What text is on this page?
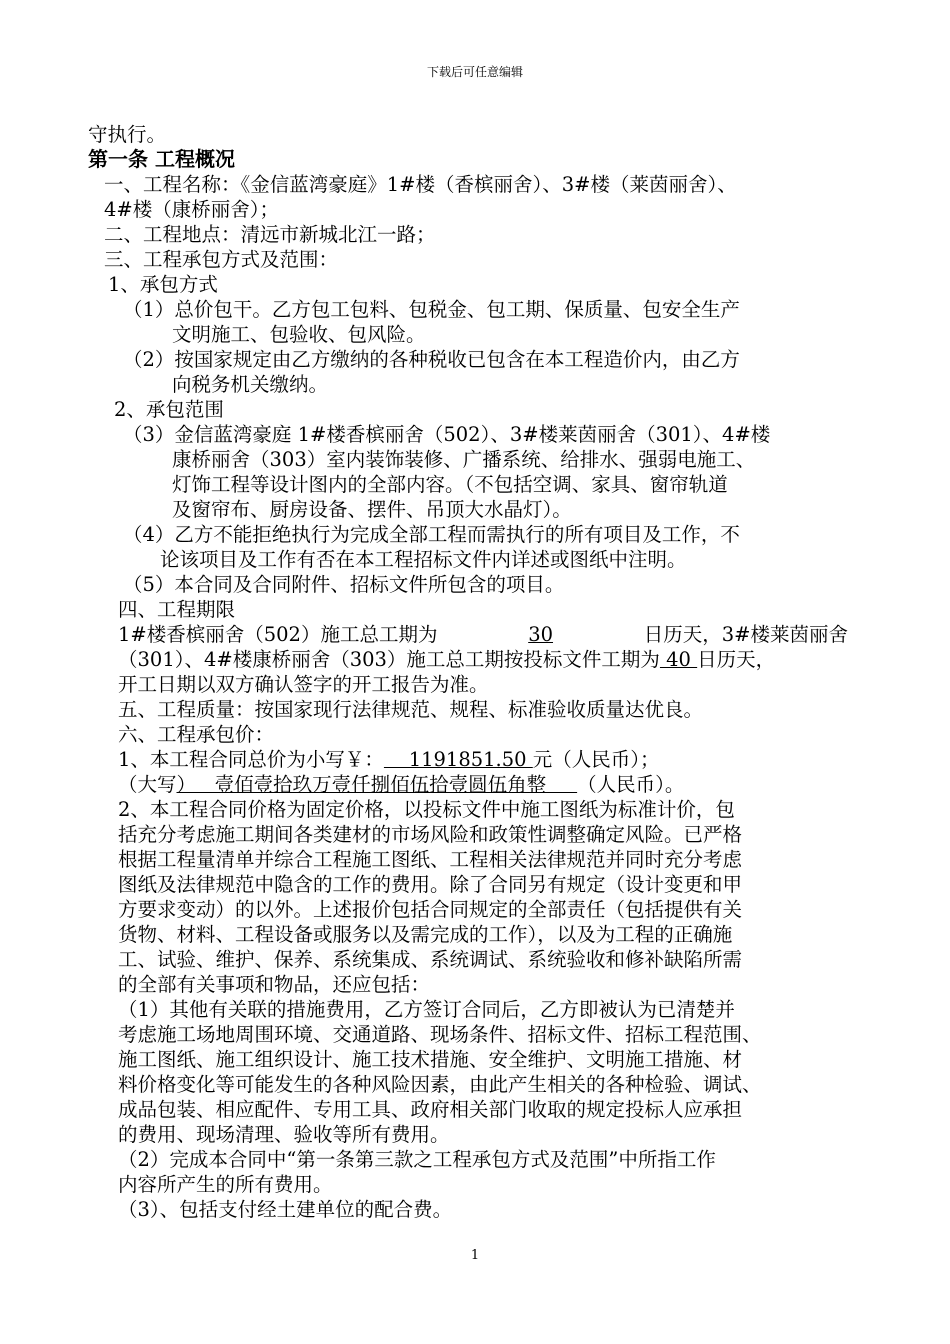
下载后可任意编辑
守执行。
第一条 工程概况
一、工程名称：《金信蓝湾豪庭》1#楼（香槟丽舍）、3#楼（莱茵丽舍）、
4#楼（康桥丽舍）；
二、工程地点：清远市新城北江一路；
三、工程承包方式及范围：
1、承包方式
（1）总价包干。乙方包工包料、包税金、包工期、保质量、包安全生产
文明施工、包验收、包风险。
（2）按国家规定由乙方缴纳的各种税收已包含在本工程造价内，由乙方
向税务机关缴纳。
2、承包范围
（3）金信蓝湾豪庭 1#楼香槟丽舍（502）、3#楼莱茵丽舍（301）、4#楼
康桥丽舍（303）室内装饰装修、广播系统、给排水、强弱电施工、
灯饰工程等设计图内的全部内容。（不包括空调、家具、窗帘轨道
及窗帘布、厨房设备、摆件、吊顶大水晶灯）。
（4）乙方不能拒绝执行为完成全部工程而需执行的所有项目及工作，不
论该项目及工作有否在本工程招标文件内详述或图纸中注明。
（5）本合同及合同附件、招标文件所包含的项目。
四、工程期限
1#楼香槟丽舍（502）施工总工期为	30	日历天，3#楼莱茵丽舍
（301）、4#楼康桥丽舍（303）施工总工期按投标文件工期为 40 日历天，
开工日期以双方确认签字的开工报告为准。
五、工程质量：按国家现行法律规范、规程、标准验收质量达优良。
六、工程承包价：
1、本工程合同总价为小写￥：    1191851.50 元（人民币）；
（大写）   壹佰壹拾玖万壹仟捌佰伍拾壹圆伍角整     （人民币）。
2、本工程合同价格为固定价格，以投标文件中施工图纸为标准计价，包
括充分考虑施工期间各类建材的市场风险和政策性调整确定风险。已严格
根据工程量清单并综合工程施工图纸、工程相关法律规范并同时充分考虑
图纸及法律规范中隐含的工作的费用。除了合同另有规定（设计变更和甲
方要求变动）的以外。上述报价包括合同规定的全部责任（包括提供有关
货物、材料、工程设备或服务以及需完成的工作），以及为工程的正确施
工、试验、维护、保养、系统集成、系统调试、系统验收和修补缺陷所需
的全部有关事项和物品，还应包括：
（1）其他有关联的措施费用，乙方签订合同后，乙方即被认为已清楚并
考虑施工场地周围环境、交通道路、现场条件、招标文件、招标工程范围、
施工图纸、施工组织设计、施工技术措施、安全维护、文明施工措施、材
料价格变化等可能发生的各种风险因素，由此产生相关的各种检验、调试、
成品包装、相应配件、专用工具、政府相关部门收取的规定投标人应承担
的费用、现场清理、验收等所有费用。
（2）完成本合同中“第一条第三款之工程承包方式及范围”中所指工作
内容所产生的所有费用。
（3）、包括支付经土建单位的配合费。
1
